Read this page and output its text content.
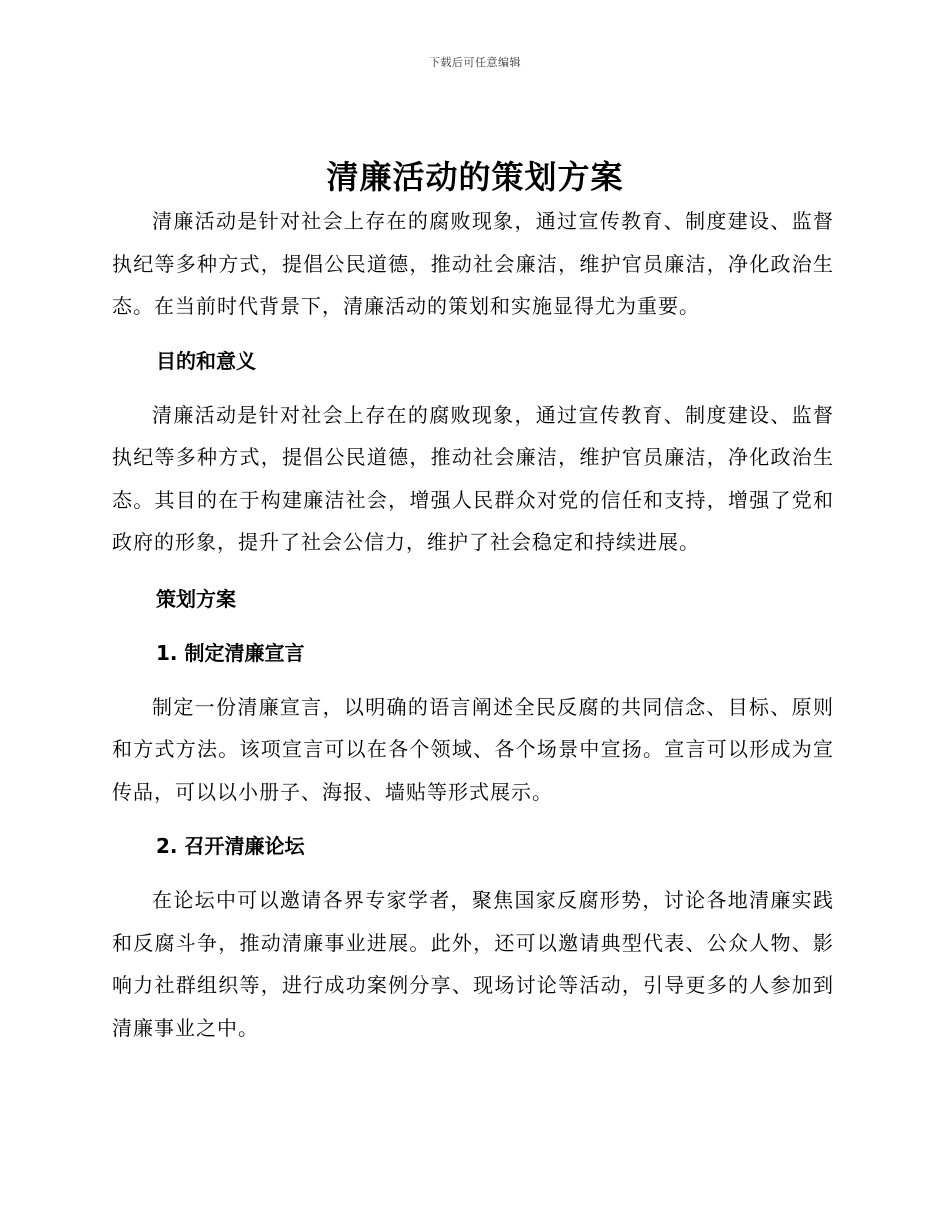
下载后可任意编辑
清廉活动的策划方案

清廉活动是针对社会上存在的腐败现象，通过宣传教育、制度建设、监督执纪等多种方式，提倡公民道德，推动社会廉洁，维护官员廉洁，净化政治生态。在当前时代背景下，清廉活动的策划和实施显得尤为重要。

目的和意义

清廉活动是针对社会上存在的腐败现象，通过宣传教育、制度建设、监督执纪等多种方式，提倡公民道德，推动社会廉洁，维护官员廉洁，净化政治生态。其目的在于构建廉洁社会，增强人民群众对党的信任和支持，增强了党和政府的形象，提升了社会公信力，维护了社会稳定和持续进展。

策划方案

1. 制定清廉宣言

制定一份清廉宣言，以明确的语言阐述全民反腐的共同信念、目标、原则和方式方法。该项宣言可以在各个领域、各个场景中宣扬。宣言可以形成为宣传品，可以以小册子、海报、墙贴等形式展示。

2. 召开清廉论坛

在论坛中可以邀请各界专家学者，聚焦国家反腐形势，讨论各地清廉实践和反腐斗争，推动清廉事业进展。此外，还可以邀请典型代表、公众人物、影响力社群组织等，进行成功案例分享、现场讨论等活动，引导更多的人参加到清廉事业之中。
